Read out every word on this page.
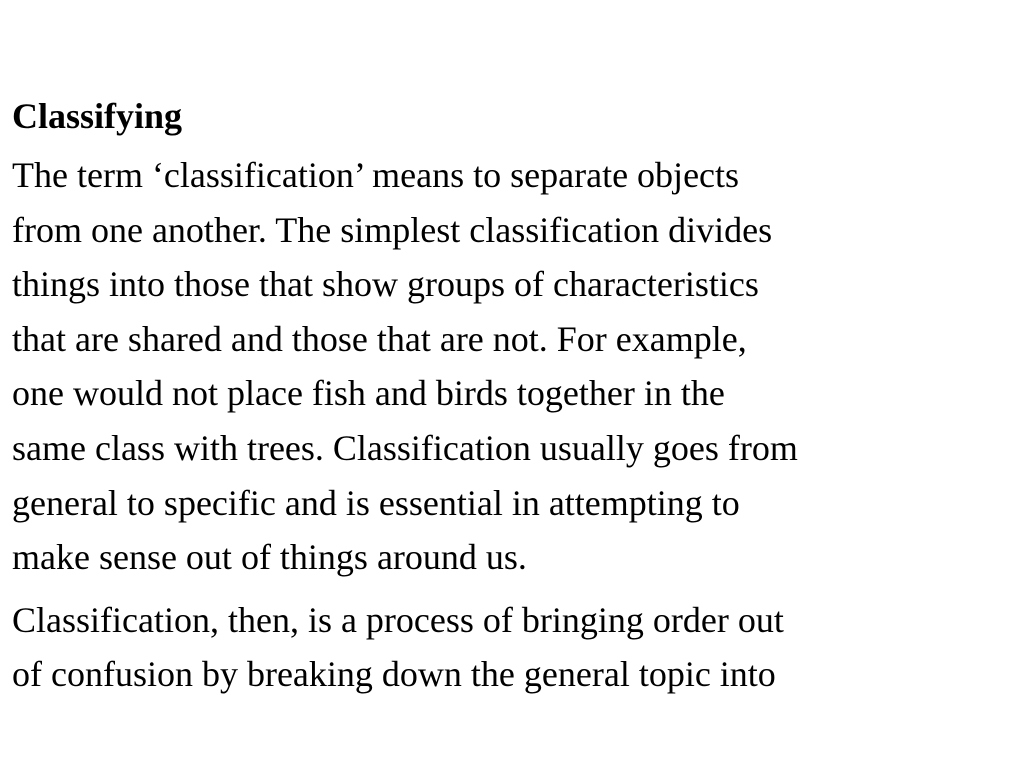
Classifying
The term ‘classification’ means to separate objects
from one another. The simplest classification divides
things into those that show groups of characteristics
that are shared and those that are not. For example,
one would not place fish and birds together in the
same class with trees. Classification usually goes from
general to specific and is essential in attempting to
make sense out of things around us.
Classification, then, is a process of bringing order out
of confusion by breaking down the general topic into
